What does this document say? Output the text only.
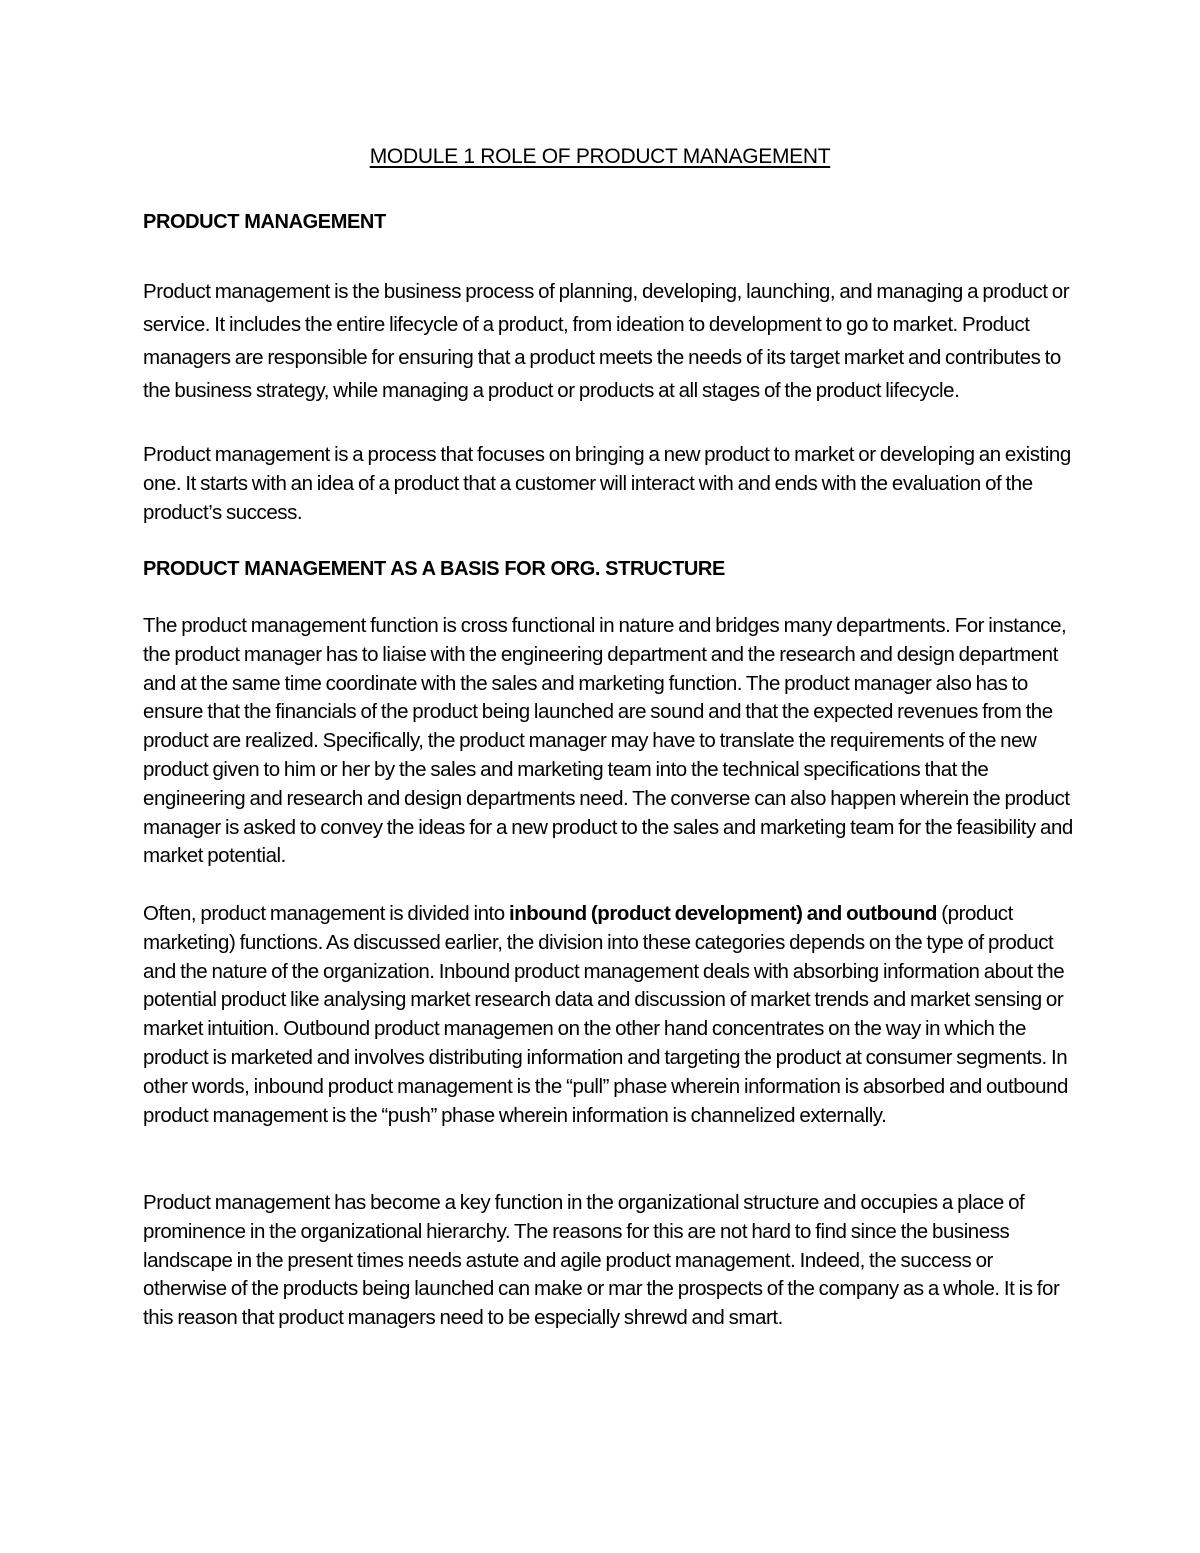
MODULE 1 ROLE OF PRODUCT MANAGEMENT
PRODUCT MANAGEMENT
Product management is the business process of planning, developing, launching, and managing a product or service. It includes the entire lifecycle of a product, from ideation to development to go to market. Product managers are responsible for ensuring that a product meets the needs of its target market and contributes to the business strategy, while managing a product or products at all stages of the product lifecycle.
Product management is a process that focuses on bringing a new product to market or developing an existing one. It starts with an idea of a product that a customer will interact with and ends with the evaluation of the product’s success.
PRODUCT MANAGEMENT AS A BASIS FOR ORG. STRUCTURE
The product management function is cross functional in nature and bridges many departments. For instance, the product manager has to liaise with the engineering department and the research and design department and at the same time coordinate with the sales and marketing function. The product manager also has to ensure that the financials of the product being launched are sound and that the expected revenues from the product are realized. Specifically, the product manager may have to translate the requirements of the new product given to him or her by the sales and marketing team into the technical specifications that the engineering and research and design departments need. The converse can also happen wherein the product manager is asked to convey the ideas for a new product to the sales and marketing team for the feasibility and market potential.
Often, product management is divided into inbound (product development) and outbound (product marketing) functions. As discussed earlier, the division into these categories depends on the type of product and the nature of the organization. Inbound product management deals with absorbing information about the potential product like analysing market research data and discussion of market trends and market sensing or market intuition. Outbound product managemen on the other hand concentrates on the way in which the product is marketed and involves distributing information and targeting the product at consumer segments. In other words, inbound product management is the “pull” phase wherein information is absorbed and outbound product management is the “push” phase wherein information is channelized externally.
Product management has become a key function in the organizational structure and occupies a place of prominence in the organizational hierarchy. The reasons for this are not hard to find since the business landscape in the present times needs astute and agile product management. Indeed, the success or otherwise of the products being launched can make or mar the prospects of the company as a whole. It is for this reason that product managers need to be especially shrewd and smart.
